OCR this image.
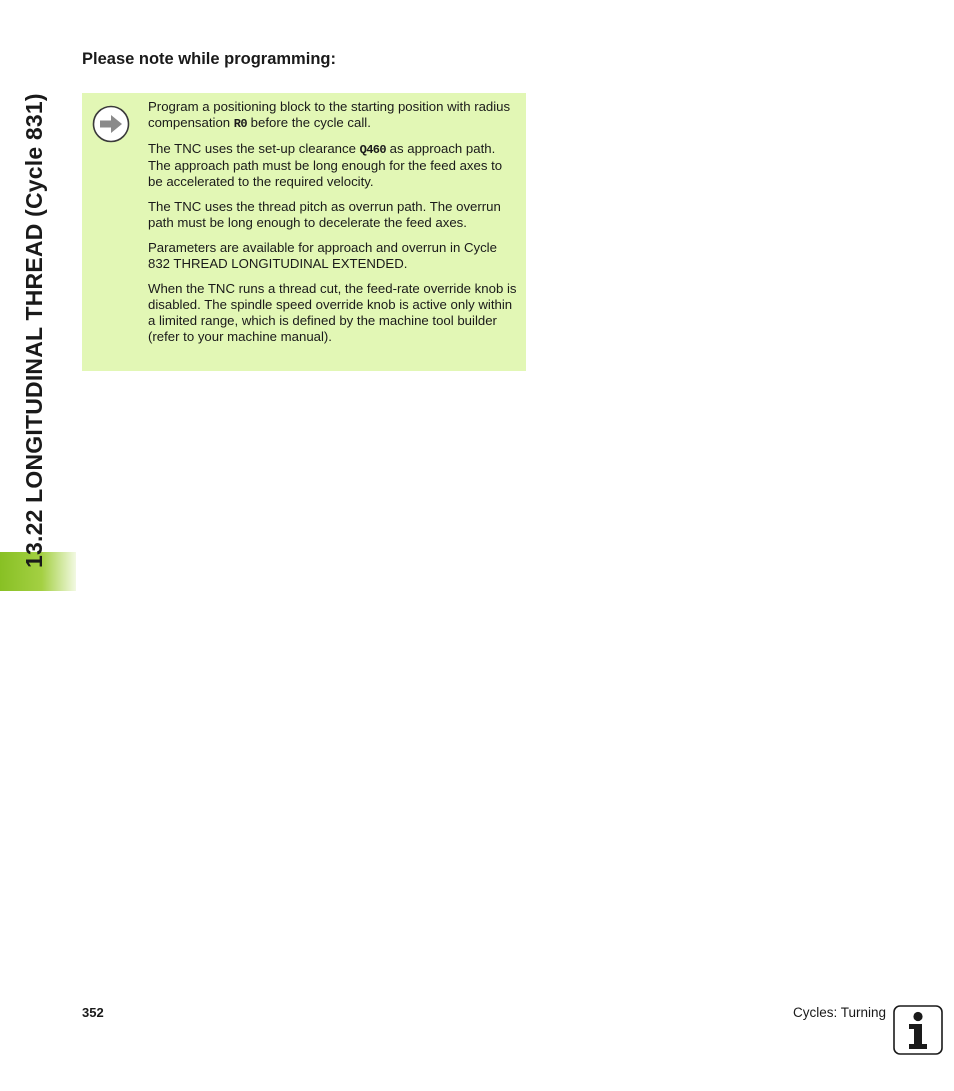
13.22 LONGITUDINAL THREAD (Cycle 831)
Please note while programming:

Program a positioning block to the starting position with radius compensation R0 before the cycle call.

The TNC uses the set-up clearance Q460 as approach path. The approach path must be long enough for the feed axes to be accelerated to the required velocity.

The TNC uses the thread pitch as overrun path. The overrun path must be long enough to decelerate the feed axes.

Parameters are available for approach and overrun in Cycle 832 THREAD LONGITUDINAL EXTENDED.

When the TNC runs a thread cut, the feed-rate override knob is disabled. The spindle speed override knob is active only within a limited range, which is defined by the machine tool builder (refer to your machine manual).

352	Cycles: Turning
